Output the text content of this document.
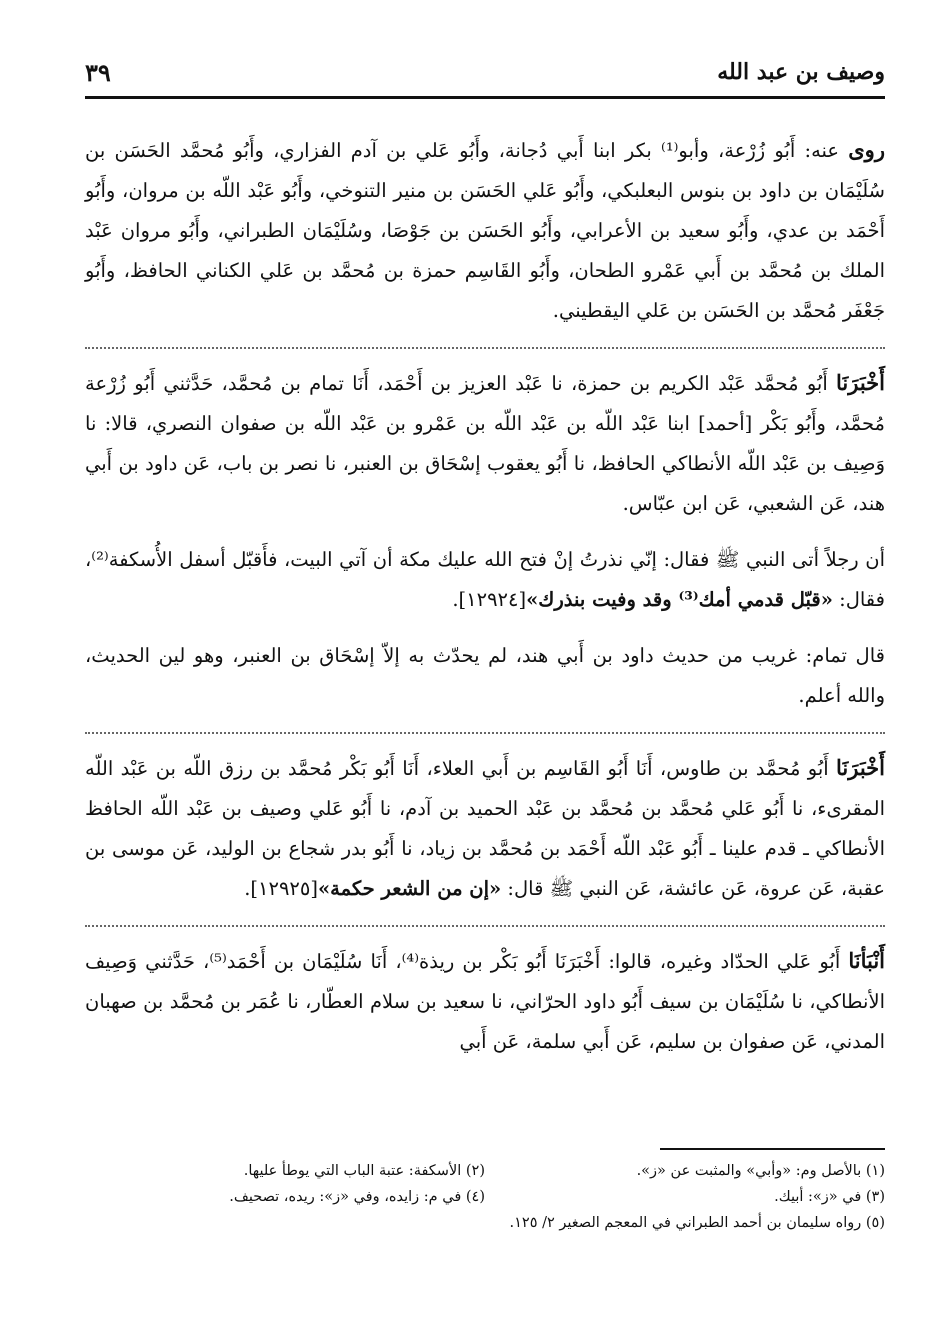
وصيف بن عبد الله
٣٩

روى عنه: أَبُو زُرْعة، وأبو⁽¹⁾ بكر ابنا أَبي دُجانة، وأَبُو عَلي بن آدم الفزاري، وأَبُو مُحمَّد الحَسَن بن سُلَيْمَان بن داود بن بنوس البعلبكي، وأَبُو عَلي الحَسَن بن منير التنوخي، وأَبُو عَبْد اللّه بن مروان، وأَبُو أَحْمَد بن عدي، وأَبُو سعيد بن الأعرابي، وأَبُو الحَسَن بن جَوْصَا، وسُلَيْمَان الطبراني، وأَبُو مروان عَبْد الملك بن مُحمَّد بن أَبي عَمْرو الطحان، وأَبُو القَاسِم حمزة بن مُحمَّد بن عَلي الكناني الحافظ، وأَبُو جَعْفَر مُحمَّد بن الحَسَن بن عَلي اليقطيني.

أَخْبَرَنَا أَبُو مُحمَّد عَبْد الكريم بن حمزة، نا عَبْد العزيز بن أَحْمَد، أَنَا تمام بن مُحمَّد، حَدَّثني أَبُو زُرْعة مُحمَّد، وأَبُو بَكْر [أحمد] ابنا عَبْد اللّه بن عَبْد اللّه بن عَمْرو بن عَبْد اللّه بن صفوان النصري، قالا: نا وَصِيف بن عَبْد اللّه الأنطاكي الحافظ، نا أَبُو يعقوب إسْحَاق بن العنبر، نا نصر بن باب، عَن داود بن أَبي هند، عَن الشعبي، عَن ابن عبّاس.

أن رجلاً أتى النبي ﷺ فقال: إنّي نذرتُ إنْ فتح الله عليك مكة أن آتي البيت، فأَقبّل أسفل الأُسكفة⁽²⁾، فقال: «قبّل قدمي أمك⁽³⁾ وقد وفيت بنذرك»[١٢٩٢٤].

قال تمام: غريب من حديث داود بن أَبي هند، لم يحدّث به إلاّ إسْحَاق بن العنبر، وهو لين الحديث، والله أعلم.

أَخْبَرَنَا أَبُو مُحمَّد بن طاوس، أَنَا أَبُو القَاسِم بن أَبي العلاء، أَنَا أَبُو بَكْر مُحمَّد بن رزق اللّه بن عَبْد اللّه المقرىء، نا أَبُو عَلي مُحمَّد بن مُحمَّد بن عَبْد الحميد بن آدم، نا أَبُو عَلي وصيف بن عَبْد اللّه الحافظ الأنطاكي ـ قدم علينا ـ أَبُو عَبْد اللّه أَحْمَد بن مُحمَّد بن زياد، نا أَبُو بدر شجاع بن الوليد، عَن موسى بن عقبة، عَن عروة، عَن عائشة، عَن النبي ﷺ قال: «إن من الشعر حكمة»[١٢٩٢٥].

أَنْبَأنَا أَبُو عَلي الحدّاد وغيره، قالوا: أَخْبَرَنَا أَبُو بَكْر بن ريذة⁽⁴⁾، أَنَا سُلَيْمَان بن أَحْمَد⁽⁵⁾، حَدَّثني وَصِيف الأنطاكي، نا سُلَيْمَان بن سيف أَبُو داود الحرّاني، نا سعيد بن سلام العطّار، نا عُمَر بن مُحمَّد بن صهبان المدني، عَن صفوان بن سليم، عَن أَبي سلمة، عَن أَبي

(١) بالأصل وم: «وأبي» والمثبت عن «ز».
(٢) الأسكفة: عتبة الباب التي يوطأ عليها.
(٣) في «ز»: أبيك.
(٤) في م: زايده، وفي «ز»: ريده، تصحيف.
(٥) رواه سليمان بن أحمد الطبراني في المعجم الصغير ٢/ ١٢٥.
